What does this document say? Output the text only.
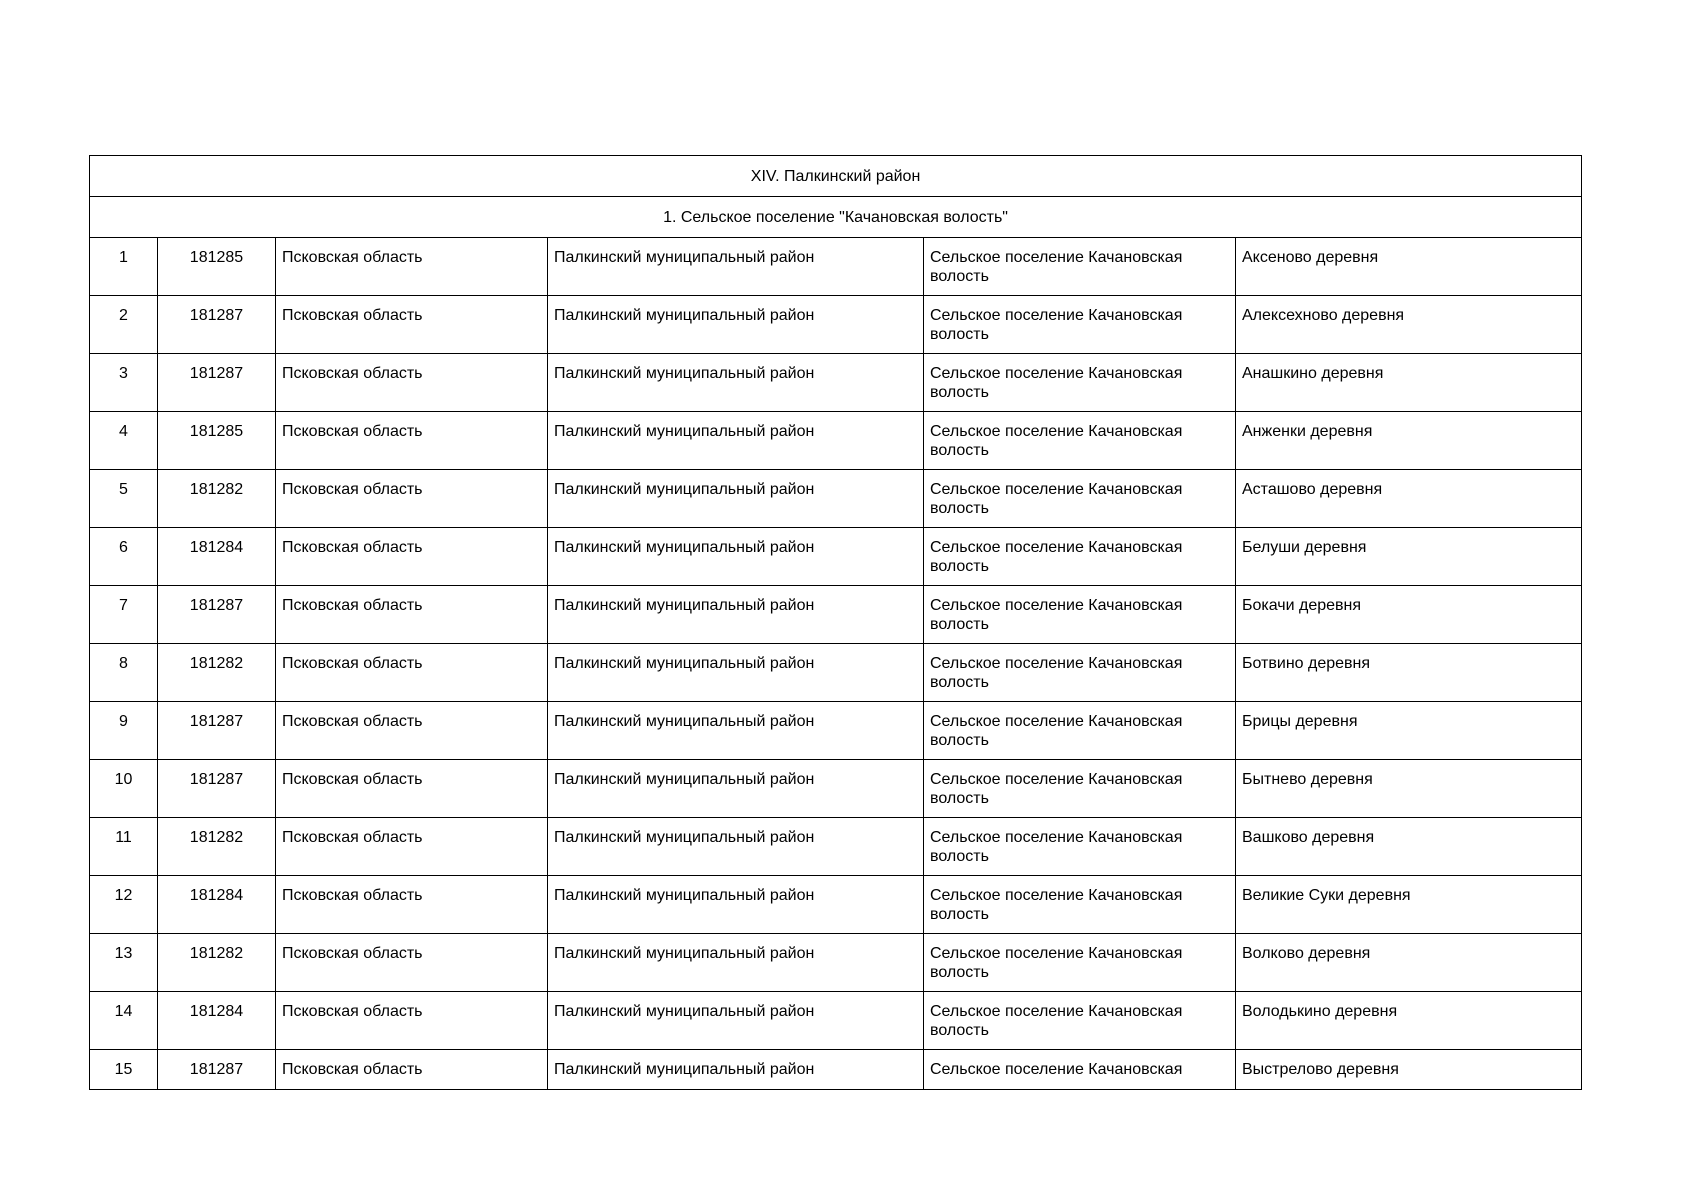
XIV. Палкинский район					
1. Сельское поселение "Качановская волость"					
1	181285	Псковская область	Палкинский муниципальный район	Сельское поселение Качановская волость	Аксеново деревня
2	181287	Псковская область	Палкинский муниципальный район	Сельское поселение Качановская волость	Алексехново деревня
3	181287	Псковская область	Палкинский муниципальный район	Сельское поселение Качановская волость	Анашкино деревня
4	181285	Псковская область	Палкинский муниципальный район	Сельское поселение Качановская волость	Анженки деревня
5	181282	Псковская область	Палкинский муниципальный район	Сельское поселение Качановская волость	Асташово деревня
6	181284	Псковская область	Палкинский муниципальный район	Сельское поселение Качановская волость	Белуши деревня
7	181287	Псковская область	Палкинский муниципальный район	Сельское поселение Качановская волость	Бокачи деревня
8	181282	Псковская область	Палкинский муниципальный район	Сельское поселение Качановская волость	Ботвино деревня
9	181287	Псковская область	Палкинский муниципальный район	Сельское поселение Качановская волость	Брицы деревня
10	181287	Псковская область	Палкинский муниципальный район	Сельское поселение Качановская волость	Бытнево деревня
11	181282	Псковская область	Палкинский муниципальный район	Сельское поселение Качановская волость	Вашково деревня
12	181284	Псковская область	Палкинский муниципальный район	Сельское поселение Качановская волость	Великие Суки деревня
13	181282	Псковская область	Палкинский муниципальный район	Сельское поселение Качановская волость	Волково деревня
14	181284	Псковская область	Палкинский муниципальный район	Сельское поселение Качановская волость	Володькино деревня
15	181287	Псковская область	Палкинский муниципальный район	Сельское поселение Качановская	Выстрелово деревня
